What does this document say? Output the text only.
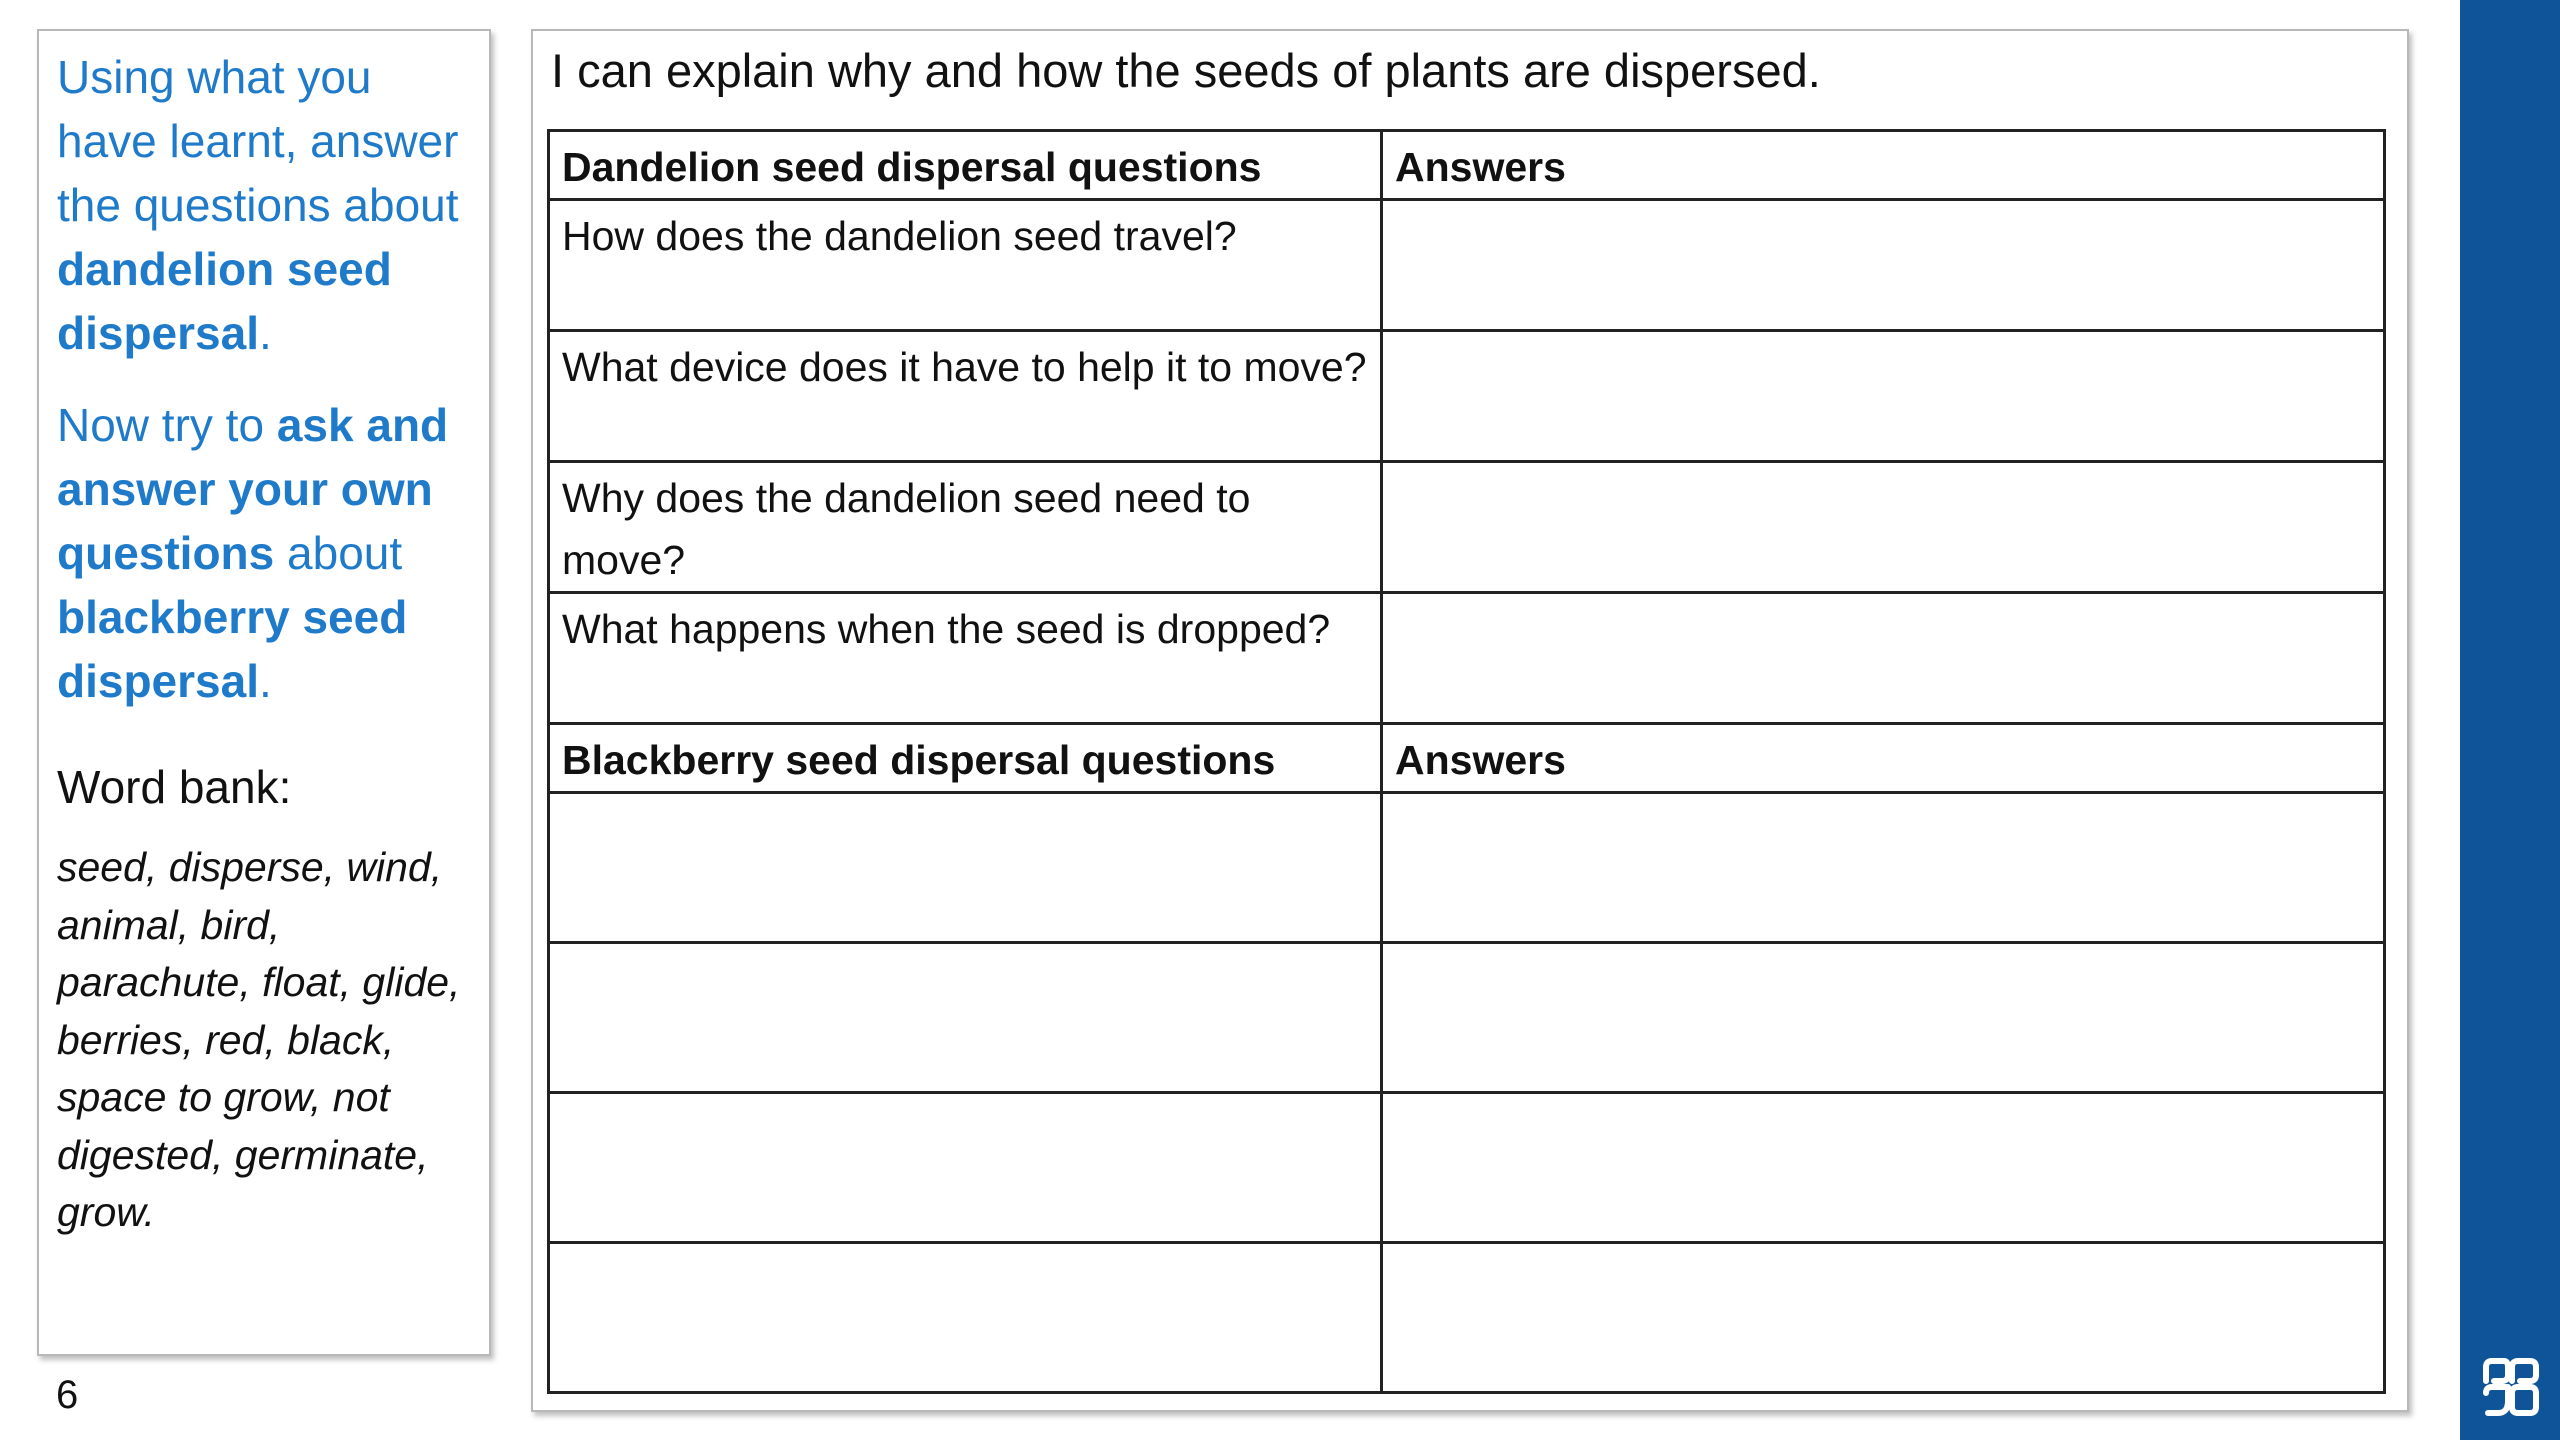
Using what you have learnt, answer the questions about dandelion seed dispersal.

Now try to ask and answer your own questions about blackberry seed dispersal.

Word bank:
seed, disperse, wind, animal, bird, parachute, float, glide, berries, red, black, space to grow, not digested, germinate, grow.
6
I can explain why and how the seeds of plants are dispersed.
Dandelion seed dispersal questions	Answers
How does the dandelion seed travel?	
What device does it have to help it to move?	
Why does the dandelion seed need to move?	
What happens when the seed is dropped?	
Blackberry seed dispersal questions	Answers
